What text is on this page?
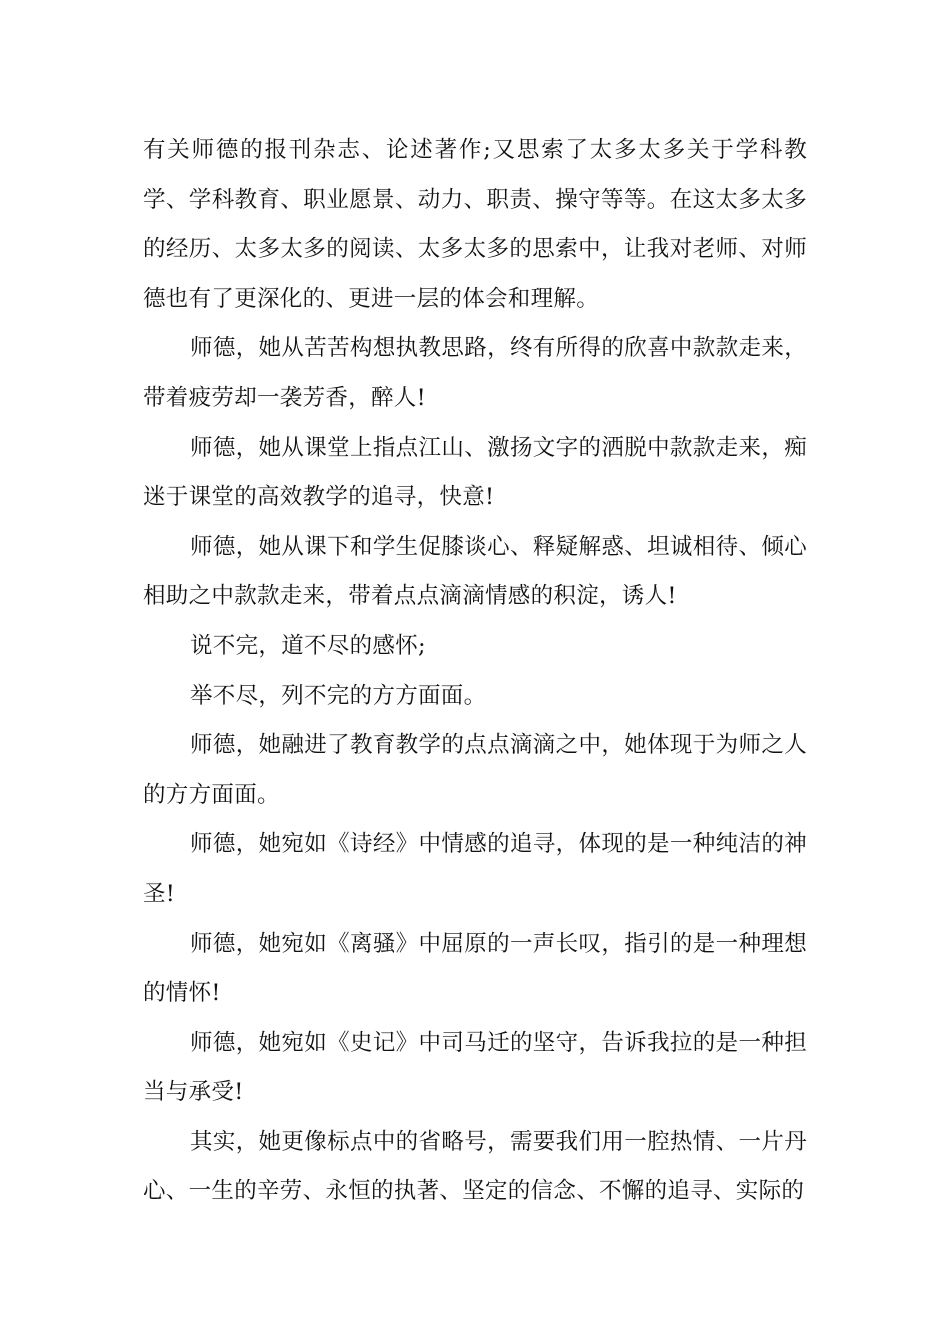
有关师德的报刊杂志、论述著作;又思索了太多太多关于学科教学、学科教育、职业愿景、动力、职责、操守等等。在这太多太多的经历、太多太多的阅读、太多太多的思索中，让我对老师、对师德也有了更深化的、更进一层的体会和理解。

师德，她从苦苦构想执教思路，终有所得的欣喜中款款走来，带着疲劳却一袭芳香，醉人!

师德，她从课堂上指点江山、激扬文字的洒脱中款款走来，痴迷于课堂的高效教学的追寻，快意!

师德，她从课下和学生促膝谈心、释疑解惑、坦诚相待、倾心相助之中款款走来，带着点点滴滴情感的积淀，诱人!

说不完，道不尽的感怀;

举不尽，列不完的方方面面。

师德，她融进了教育教学的点点滴滴之中，她体现于为师之人的方方面面。

师德，她宛如《诗经》中情感的追寻，体现的是一种纯洁的神圣!

师德，她宛如《离骚》中屈原的一声长叹，指引的是一种理想的情怀!

师德，她宛如《史记》中司马迁的坚守，告诉我拉的是一种担当与承受!

其实，她更像标点中的省略号，需要我们用一腔热情、一片丹心、一生的辛劳、永恒的执著、坚定的信念、不懈的追寻、实际的
